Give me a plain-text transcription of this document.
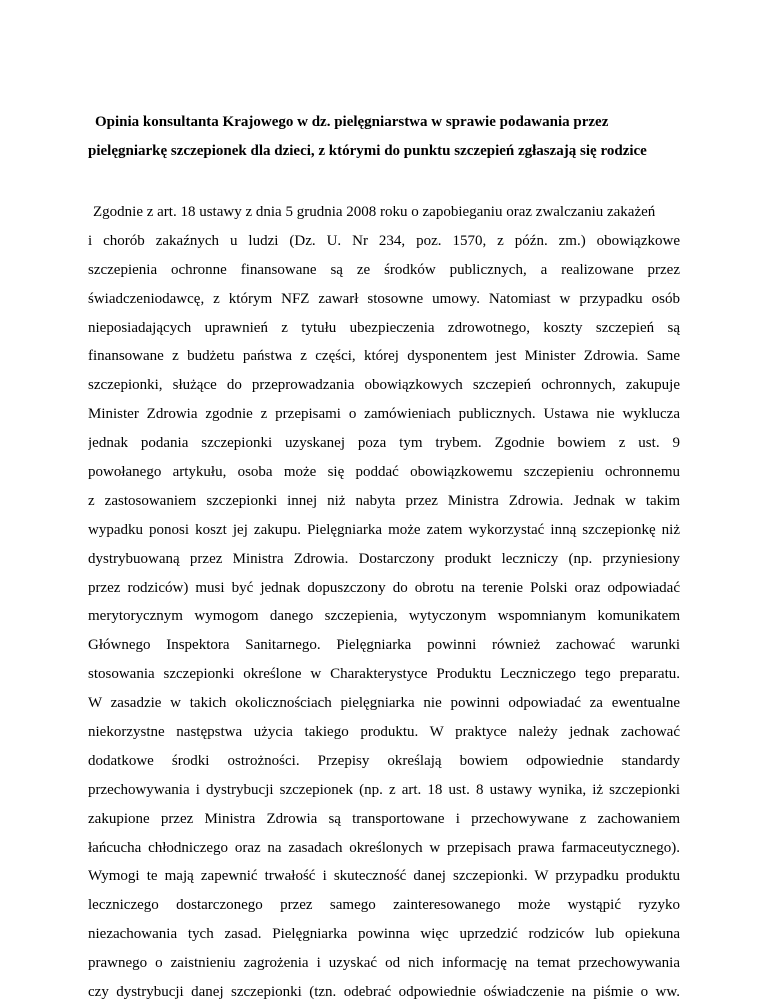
Opinia konsultanta Krajowego w dz. pielęgniarstwa w sprawie podawania przez
pielęgniarkę szczepionek dla dzieci, z którymi do punktu szczepień zgłaszają się rodzice
Zgodnie z art. 18 ustawy z dnia 5 grudnia 2008 roku o zapobieganiu oraz zwalczaniu zakażeń
i chorób zakaźnych u ludzi (Dz. U. Nr 234, poz. 1570, z późn. zm.) obowiązkowe
szczepienia ochronne finansowane są ze środków publicznych, a realizowane przez
świadczeniodawcę, z którym NFZ zawarł stosowne umowy. Natomiast w przypadku osób
nieposiadających uprawnień z tytułu ubezpieczenia zdrowotnego, koszty szczepień są
finansowane z budżetu państwa z części, której dysponentem jest Minister Zdrowia. Same
szczepionki, służące do przeprowadzania obowiązkowych szczepień ochronnych, zakupuje
Minister Zdrowia zgodnie z przepisami o zamówieniach publicznych. Ustawa nie wyklucza
jednak podania szczepionki uzyskanej poza tym trybem. Zgodnie bowiem z ust. 9
powołanego artykułu, osoba może się poddać obowiązkowemu szczepieniu ochronnemu
z zastosowaniem szczepionki innej niż nabyta przez Ministra Zdrowia. Jednak w takim
wypadku ponosi koszt jej zakupu. Pielęgniarka może zatem wykorzystać inną szczepionkę niż
dystrybuowaną przez Ministra Zdrowia. Dostarczony produkt leczniczy (np. przyniesiony
przez rodziców) musi być jednak dopuszczony do obrotu na terenie Polski oraz odpowiadać
merytorycznym wymogom danego szczepienia, wytyczonym wspomnianym komunikatem
Głównego Inspektora Sanitarnego. Pielęgniarka powinni również zachować warunki
stosowania szczepionki określone w Charakterystyce Produktu Leczniczego tego preparatu.
W zasadzie w takich okolicznościach pielęgniarka nie powinni odpowiadać za ewentualne
niekorzystne następstwa użycia takiego produktu. W praktyce należy jednak zachować
dodatkowe środki ostrożności. Przepisy określają bowiem odpowiednie standardy
przechowywania i dystrybucji szczepionek (np. z art. 18 ust. 8 ustawy wynika, iż szczepionki
zakupione przez Ministra Zdrowia są transportowane i przechowywane z zachowaniem
łańcucha chłodniczego oraz na zasadach określonych w przepisach prawa farmaceutycznego).
Wymogi te mają zapewnić trwałość i skuteczność danej szczepionki. W przypadku produktu
leczniczego dostarczonego przez samego zainteresowanego może wystąpić ryzyko
niezachowania tych zasad. Pielęgniarka powinna więc uprzedzić rodziców lub opiekuna
prawnego o zaistnieniu zagrożenia i uzyskać od nich informację na temat przechowywania
czy dystrybucji danej szczepionki (tzn. odebrać odpowiednie oświadczenie na piśmie o ww.
